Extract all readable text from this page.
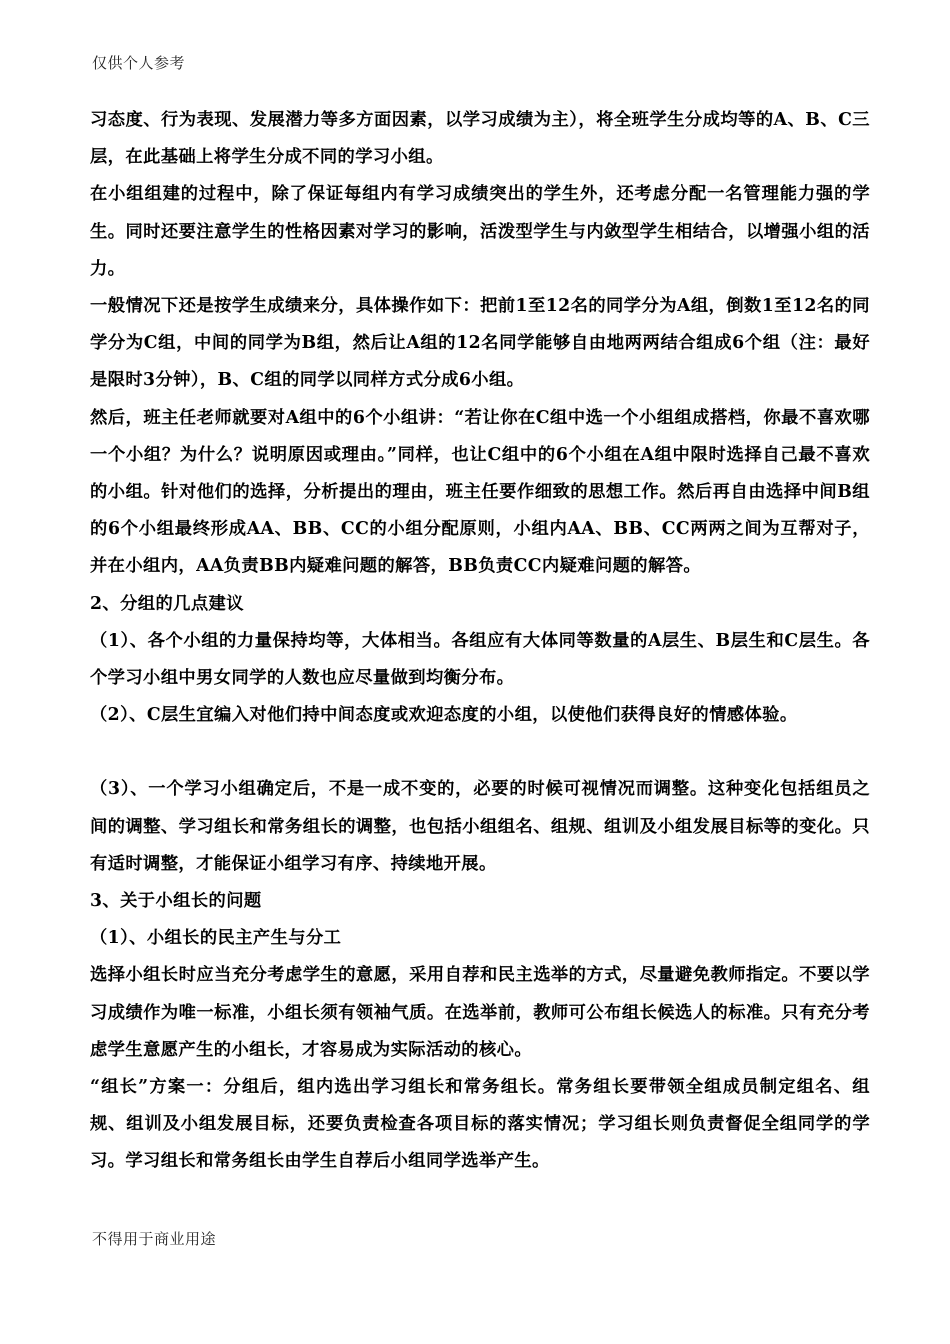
仅供个人参考

习态度、行为表现、发展潜力等多方面因素，以学习成绩为主），将全班学生分成均等的A、B、C三层，在此基础上将学生分成不同的学习小组。

在小组组建的过程中，除了保证每组内有学习成绩突出的学生外，还考虑分配一名管理能力强的学生。同时还要注意学生的性格因素对学习的影响，活泼型学生与内敛型学生相结合，以增强小组的活力。

一般情况下还是按学生成绩来分，具体操作如下：把前1至12名的同学分为A组，倒数1至12名的同学分为C组，中间的同学为B组，然后让A组的12名同学能够自由地两两结合组成6个组（注：最好是限时3分钟），B、C组的同学以同样方式分成6小组。

然后，班主任老师就要对A组中的6个小组讲：“若让你在C组中选一个小组组成搭档，你最不喜欢哪一个小组？为什么？说明原因或理由。”同样，也让C组中的6个小组在A组中限时选择自己最不喜欢的小组。针对他们的选择，分析提出的理由，班主任要作细致的思想工作。然后再自由选择中间B组的6个小组最终形成AA、BB、CC的小组分配原则，小组内AA、BB、CC两两之间为互帮对子，并在小组内，AA负责BB内疑难问题的解答，BB负责CC内疑难问题的解答。

2、分组的几点建议

（1）、各个小组的力量保持均等，大体相当。各组应有大体同等数量的A层生、B层生和C层生。各个学习小组中男女同学的人数也应尽量做到均衡分布。

（2）、C层生宜编入对他们持中间态度或欢迎态度的小组，以使他们获得良好的情感体验。

（3）、一个学习小组确定后，不是一成不变的，必要的时候可视情况而调整。这种变化包括组员之间的调整、学习组长和常务组长的调整，也包括小组组名、组规、组训及小组发展目标等的变化。只有适时调整，才能保证小组学习有序、持续地开展。

3、关于小组长的问题

（1）、小组长的民主产生与分工

选择小组长时应当充分考虑学生的意愿，采用自荐和民主选举的方式，尽量避免教师指定。不要以学习成绩作为唯一标准，小组长须有领袖气质。在选举前，教师可公布组长候选人的标准。只有充分考虑学生意愿产生的小组长，才容易成为实际活动的核心。

“组长”方案一：分组后，组内选出学习组长和常务组长。常务组长要带领全组成员制定组名、组规、组训及小组发展目标，还要负责检查各项目标的落实情况；学习组长则负责督促全组同学的学习。学习组长和常务组长由学生自荐后小组同学选举产生。

不得用于商业用途
